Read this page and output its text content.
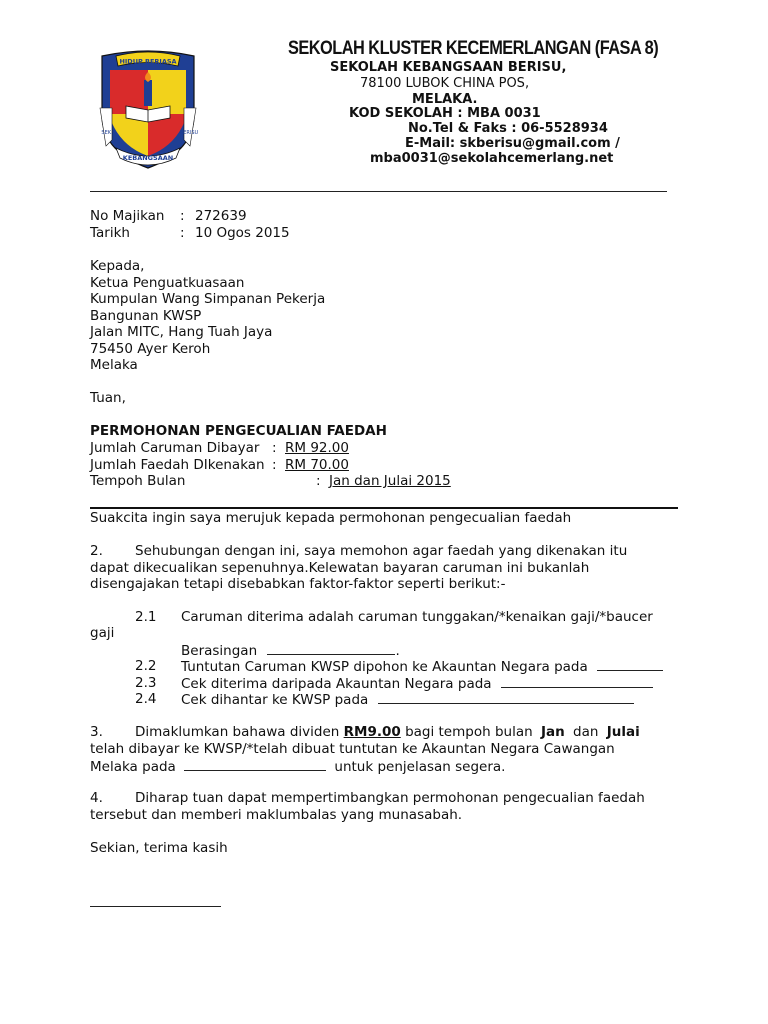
HIDUP BERJASA
SEK.	BERISU
KEBANGSAAN
SEKOLAH KLUSTER KECEMERLANGAN (FASA 8)
SEKOLAH KEBANGSAAN BERISU,
78100 LUBOK CHINA POS,
MELAKA.
KOD SEKOLAH : MBA 0031
No.Tel & Faks : 06-5528934
E-Mail: skberisu@gmail.com /
mba0031@sekolahcemerlang.net
No Majikan : 272639
Tarikh	: 10 Ogos 2015
Kepada,
Ketua Penguatkuasaan
Kumpulan Wang Simpanan Pekerja
Bangunan KWSP
Jalan MITC, Hang Tuah Jaya
75450 Ayer Keroh
Melaka
Tuan,
PERMOHONAN PENGECUALIAN FAEDAH
Jumlah Caruman Dibayar : RM 92.00
Jumlah Faedah DIkenakan : RM 70.00
Tempoh Bulan	: Jan dan Julai 2015
Suakcita ingin saya merujuk kepada permohonan pengecualian faedah
2. Sehubungan dengan ini, saya memohon agar faedah yang dikenakan itu
dapat dikecualikan sepenuhnya.Kelewatan bayaran caruman ini bukanlah
disengajakan tetapi disebabkan faktor-faktor seperti berikut:-
2.1 Caruman diterima adalah caruman tunggakan/*kenaikan gaji/*baucer
gaji
Berasingan	.
2.2 Tuntutan Caruman KWSP dipohon ke Akauntan Negara pada
2.3 Cek diterima daripada Akauntan Negara pada
2.4 Cek dihantar ke KWSP pada
3. Dimaklumkan bahawa dividen RM9.00 bagi tempoh bulan Jan dan Julai
telah dibayar ke KWSP/*telah dibuat tuntutan ke Akauntan Negara Cawangan
Melaka pada	untuk penjelasan segera.
4. Diharap tuan dapat mempertimbangkan permohonan pengecualian faedah
tersebut dan memberi maklumbalas yang munasabah.
Sekian, terima kasih
